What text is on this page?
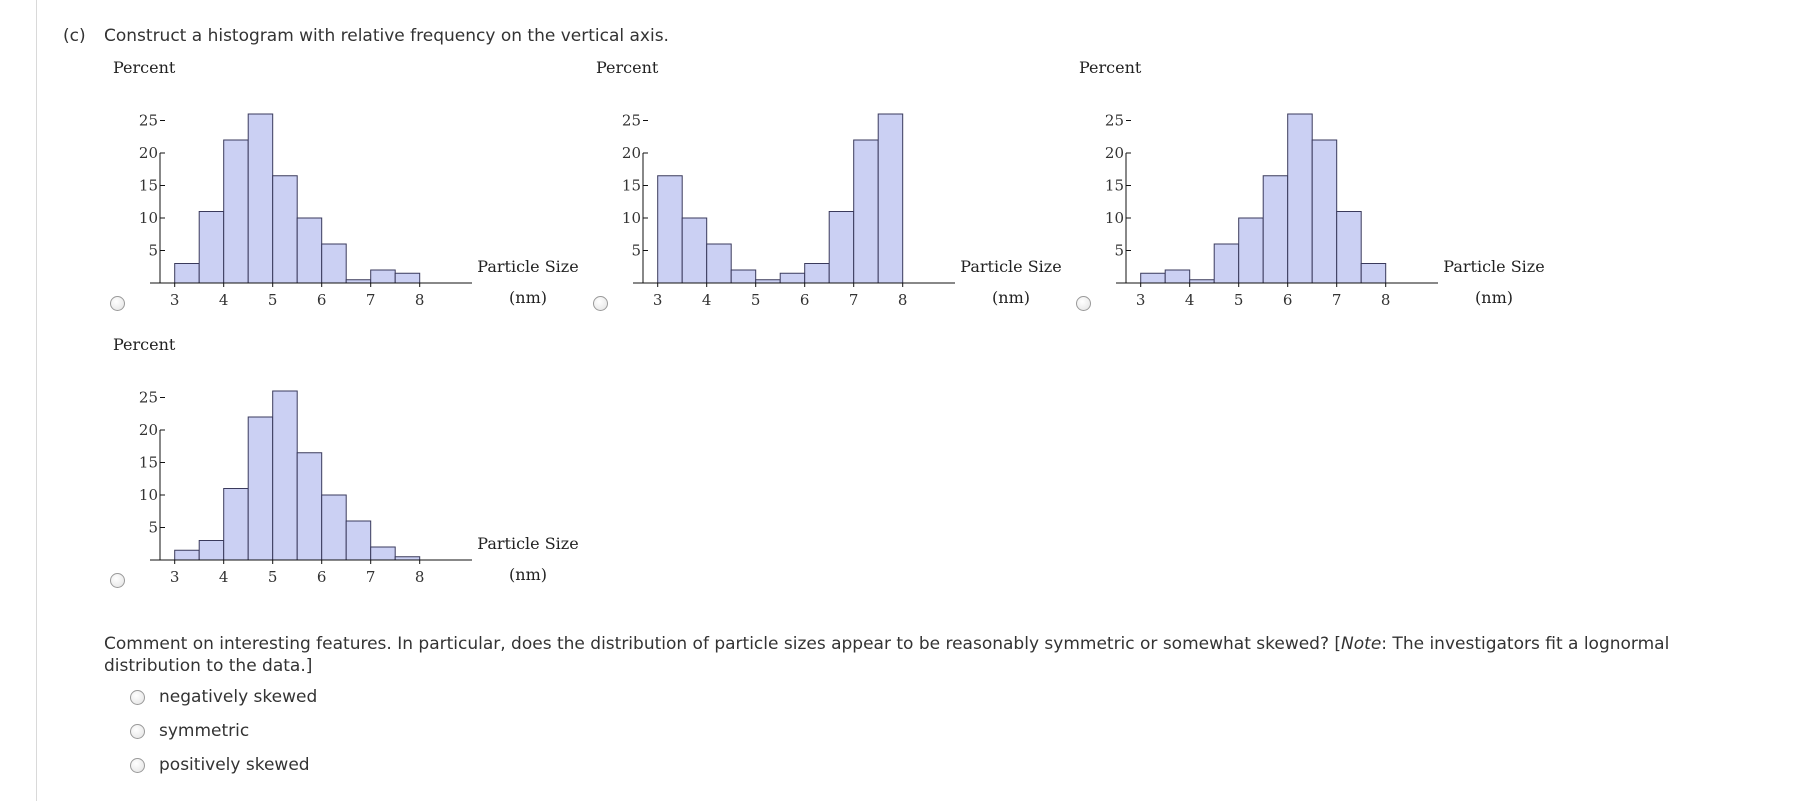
(c) Construct a histogram with relative frequency on the vertical axis.
Percent
5
10
15
20
25
3	4	5	6	7	8
Particle Size
(nm)
Percent
5
10
15
20
25
3	4	5	6	7	8
Particle Size
(nm)
Percent
5
10
15
20
25
3	4	5	6	7	8
Particle Size
(nm)
Percent
5
10
15
20
25
3	4	5	6	7	8
Particle Size
(nm)
Comment on interesting features. In particular, does the distribution of particle sizes appear to be reasonably symmetric or somewhat skewed? [Note: The investigators fit a lognormal distribution to the data.]
negatively skewed
symmetric
positively skewed
